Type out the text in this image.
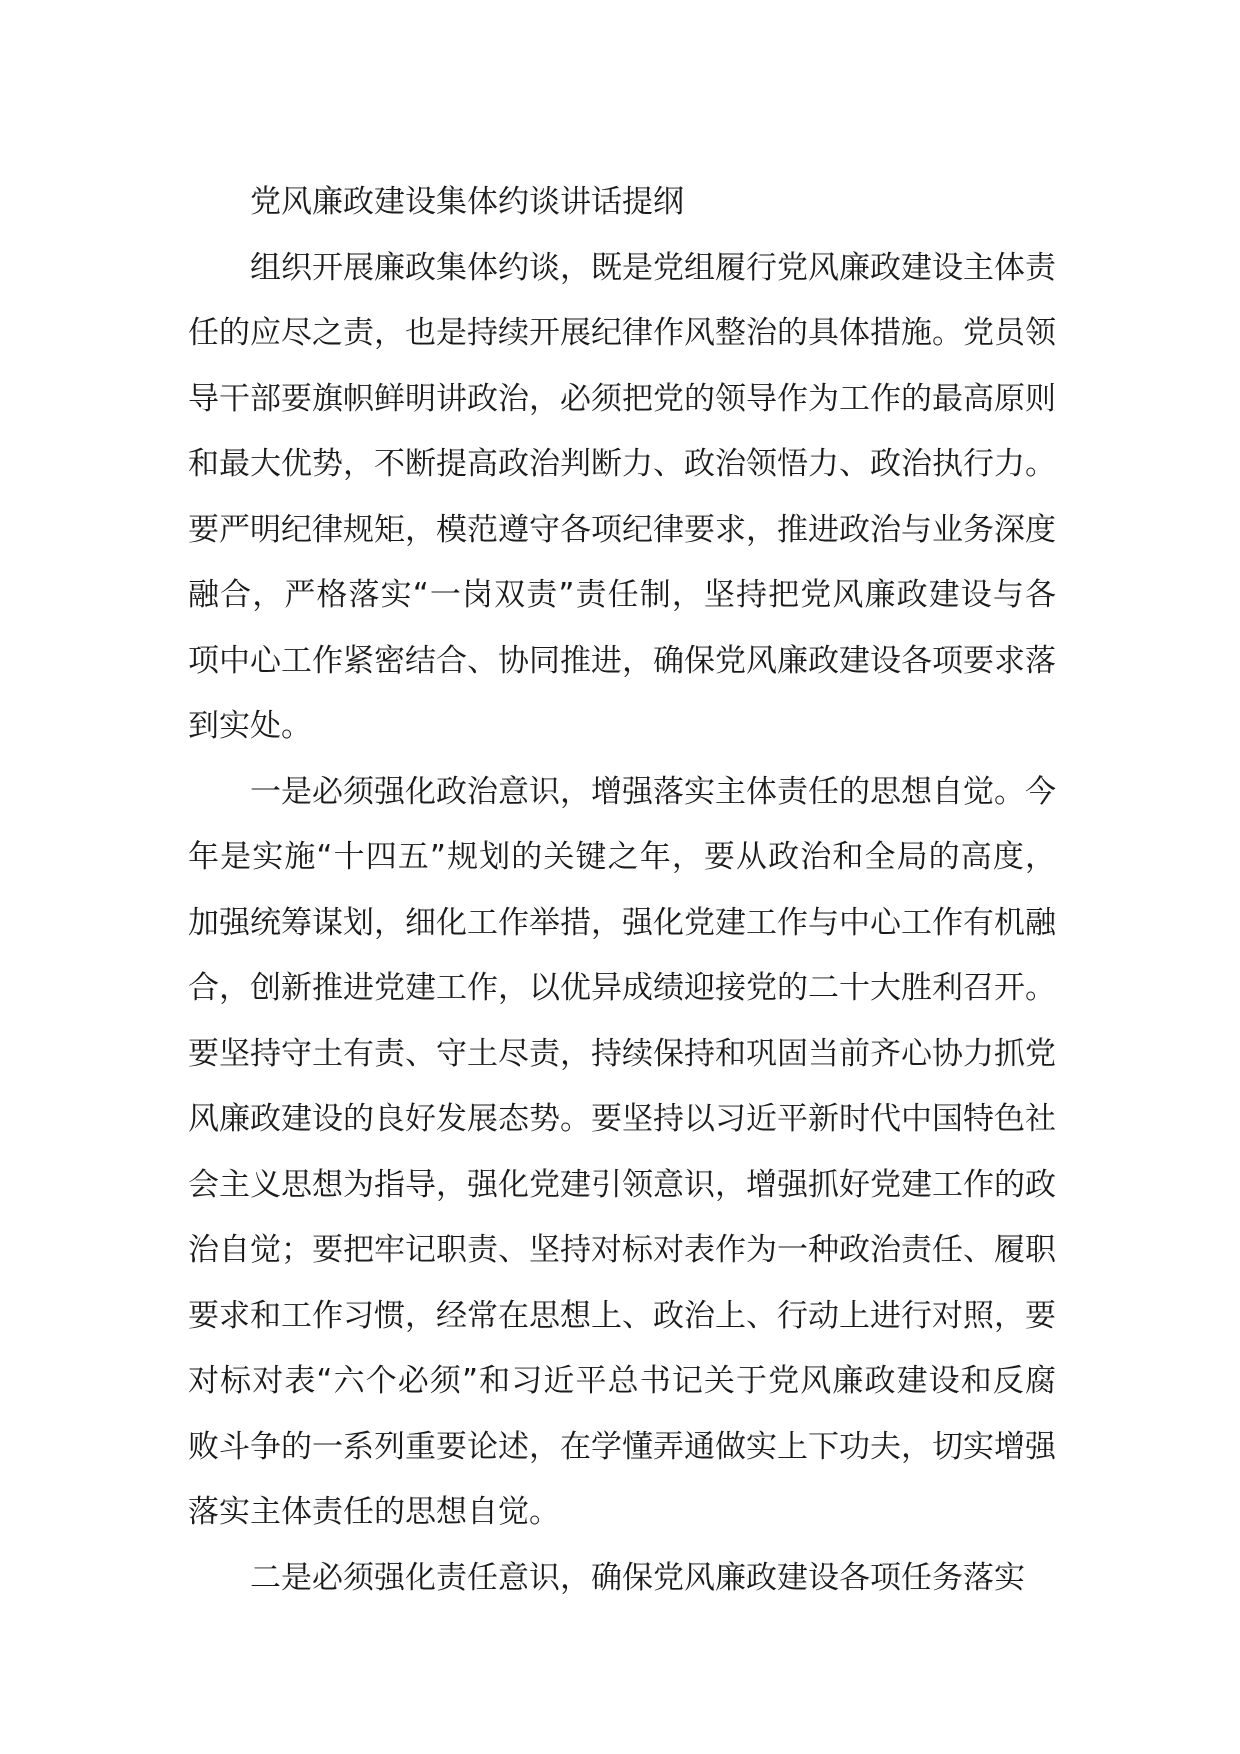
党风廉政建设集体约谈讲话提纲

组织开展廉政集体约谈，既是党组履行党风廉政建设主体责任的应尽之责，也是持续开展纪律作风整治的具体措施。党员领导干部要旗帜鲜明讲政治，必须把党的领导作为工作的最高原则和最大优势，不断提高政治判断力、政治领悟力、政治执行力。要严明纪律规矩，模范遵守各项纪律要求，推进政治与业务深度融合，严格落实“一岗双责”责任制，坚持把党风廉政建设与各项中心工作紧密结合、协同推进，确保党风廉政建设各项要求落到实处。

一是必须强化政治意识，增强落实主体责任的思想自觉。今年是实施“十四五”规划的关键之年，要从政治和全局的高度，加强统筹谋划，细化工作举措，强化党建工作与中心工作有机融合，创新推进党建工作，以优异成绩迎接党的二十大胜利召开。要坚持守土有责、守土尽责，持续保持和巩固当前齐心协力抓党风廉政建设的良好发展态势。要坚持以习近平新时代中国特色社会主义思想为指导，强化党建引领意识，增强抓好党建工作的政治自觉；要把牢记职责、坚持对标对表作为一种政治责任、履职要求和工作习惯，经常在思想上、政治上、行动上进行对照，要对标对表“六个必须”和习近平总书记关于党风廉政建设和反腐败斗争的一系列重要论述，在学懂弄通做实上下功夫，切实增强落实主体责任的思想自觉。

二是必须强化责任意识，确保党风廉政建设各项任务落实
